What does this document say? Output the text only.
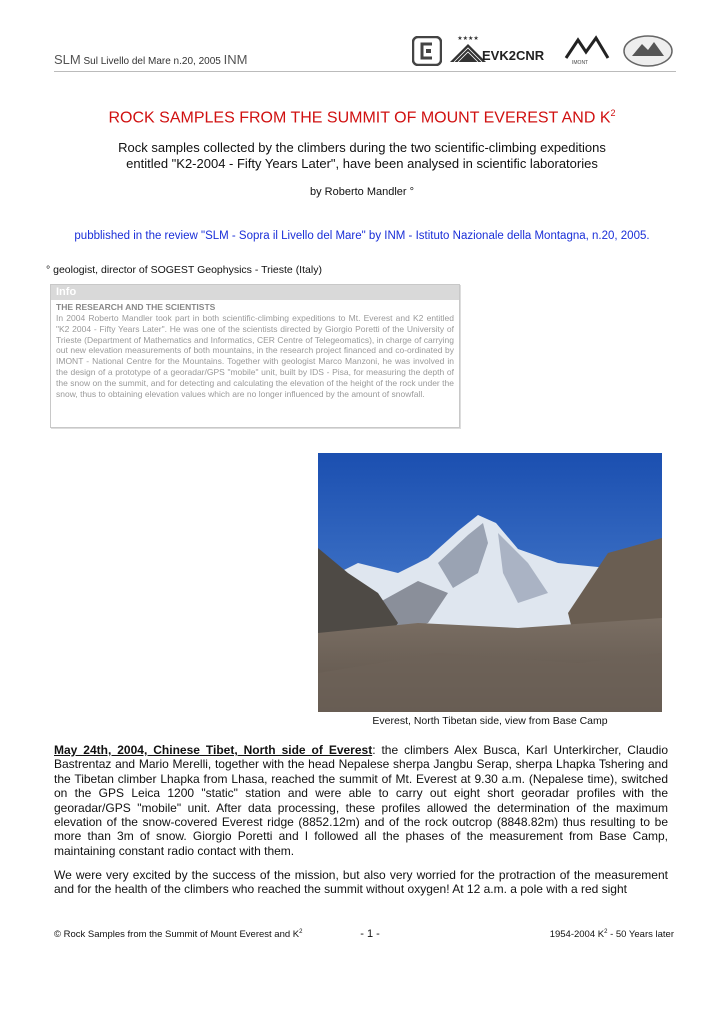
SLM Sul Livello del Mare n.20, 2005 INM
★★★★
EVK2CNR	IMONT
ROCK SAMPLES FROM THE SUMMIT OF MOUNT EVEREST AND $K^2$
Rock samples collected by the climbers during the two scientific-climbing expeditions
entitled "K2-2004 - Fifty Years Later", have been analysed in scientific laboratories
by Roberto Mandler °
pubblished in the review "SLM - Sopra il Livello del Mare" by INM - Istituto Nazionale della Montagna, n.20, 2005.
° geologist, director of SOGEST Geophysics - Trieste (Italy)
Info
THE RESEARCH AND THE SCIENTISTS
In 2004 Roberto Mandler took part in both scientific-climbing expeditions to Mt. Everest and K2 entitled "K2 2004 - Fifty Years Later". He was one of the scientists directed by Giorgio Poretti of the University of Trieste (Department of Mathematics and Informatics, CER Centre of Telegeomatics), in charge of carrying out new elevation measurements of both mountains, in the research project financed and co-ordinated by IMONT - National Centre for the Mountains. Together with geologist Marco Manzoni, he was involved in the design of a prototype of a georadar/GPS "mobile" unit, built by IDS - Pisa, for measuring the depth of the snow on the summit, and for detecting and calculating the elevation of the height of the rock under the snow, thus to obtaining elevation values which are no longer influenced by the amount of snowfall.
Everest, North Tibetan side, view from Base Camp
May 24th, 2004, Chinese Tibet, North side of Everest: the climbers Alex Busca, Karl Unterkircher, Claudio Bastrentaz and Mario Merelli, together with the head Nepalese sherpa Jangbu Serap, sherpa Lhapka Tshering and the Tibetan climber Lhapka from Lhasa, reached the summit of Mt. Everest at 9.30 a.m. (Nepalese time), switched on the GPS Leica 1200 "static" station and were able to carry out eight short georadar profiles with the georadar/GPS "mobile" unit. After data processing, these profiles allowed the determination of the maximum elevation of the snow-covered Everest ridge (8852.12m) and of the rock outcrop (8848.82m) thus resulting to be more than 3m of snow. Giorgio Poretti and I followed all the phases of the measurement from Base Camp, maintaining constant radio contact with them.
We were very excited by the success of the mission, but also very worried for the protraction of the measurement and for the health of the climbers who reached the summit without oxygen! At 12 a.m. a pole with a red sight
© Rock Samples from the Summit of Mount Everest and $K^2$	- 1 -	1954-2004 $K^2 - 50$ Years later
